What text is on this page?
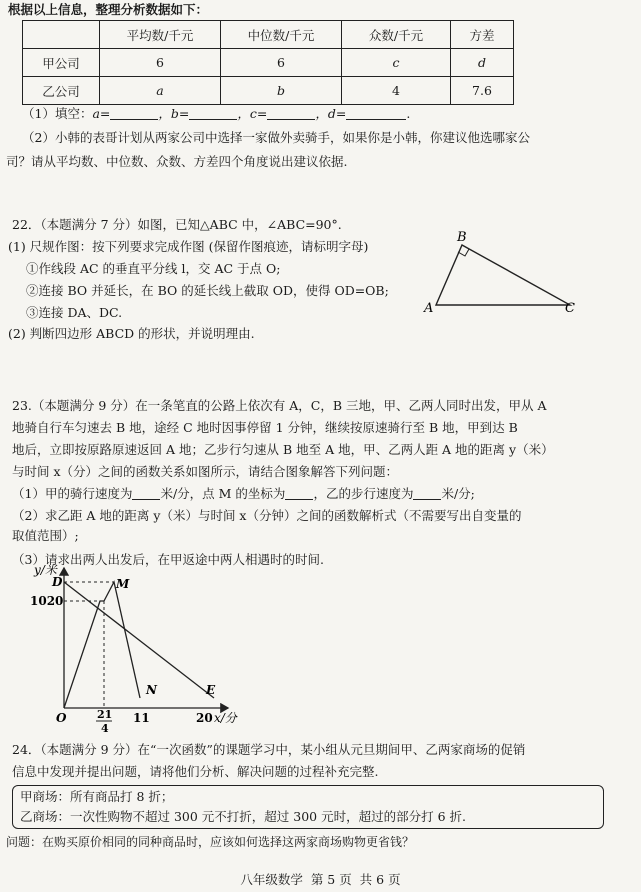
根据以上信息，整理分析数据如下：
	平均数/千元	中位数/千元	众数/千元	方差
甲公司	6	6	c	d
乙公司	a	b	4	7.6
（1）填空：a=	，b=	，c=	，d=	.
（2）小韩的表哥计划从两家公司中选择一家做外卖骑手，如果你是小韩，你建议他选哪家公
司？请从平均数、中位数、众数、方差四个角度说出建议依据.
22．（本题满分 7 分）如图，已知△ABC 中，∠ABC=90°.
(1) 尺规作图：按下列要求完成作图 (保留作图痕迹，请标明字母)
①作线段 AC 的垂直平分线 l，交 AC 于点 O;
②连接 BO 并延长，在 BO 的延长线上截取 OD，使得 OD=OB;
③连接 DA、DC.
(2) 判断四边形 ABCD 的形状，并说明理由.
A
B
C
23.（本题满分 9 分）在一条笔直的公路上依次有 A，C，B 三地，甲、乙两人同时出发，甲从 A
地骑自行车匀速去 B 地，途经 C 地时因事停留 1 分钟，继续按原速骑行至 B 地，甲到达 B
地后，立即按原路原速返回 A 地；乙步行匀速从 B 地至 A 地，甲、乙两人距 A 地的距离 y（米）
与时间 x（分）之间的函数关系如图所示，请结合图象解答下列问题：
（1）甲的骑行速度为 米/分，点 M 的坐标为 ，乙的步行速度为 米/分;
（2）求乙距 A 地的距离 y（米）与时间 x（分钟）之间的函数解析式（不需要写出自变量的
取值范围）;
（3）请求出两人出发后，在甲返途中两人相遇时的时间.
y/米
D	M
1020
N	E
O	21
4
11	20 x/分
24．（本题满分 9 分）在“一次函数”的课题学习中，某小组从元旦期间甲、乙两家商场的促销
信息中发现并提出问题，请将他们分析、解决问题的过程补充完整.
甲商场：所有商品打 8 折；
乙商场：一次性购物不超过 300 元不打折，超过 300 元时，超过的部分打 6 折.
问题：在购买原价相同的同种商品时，应该如何选择这两家商场购物更省钱？
八年级数学  第 5 页  共 6 页
